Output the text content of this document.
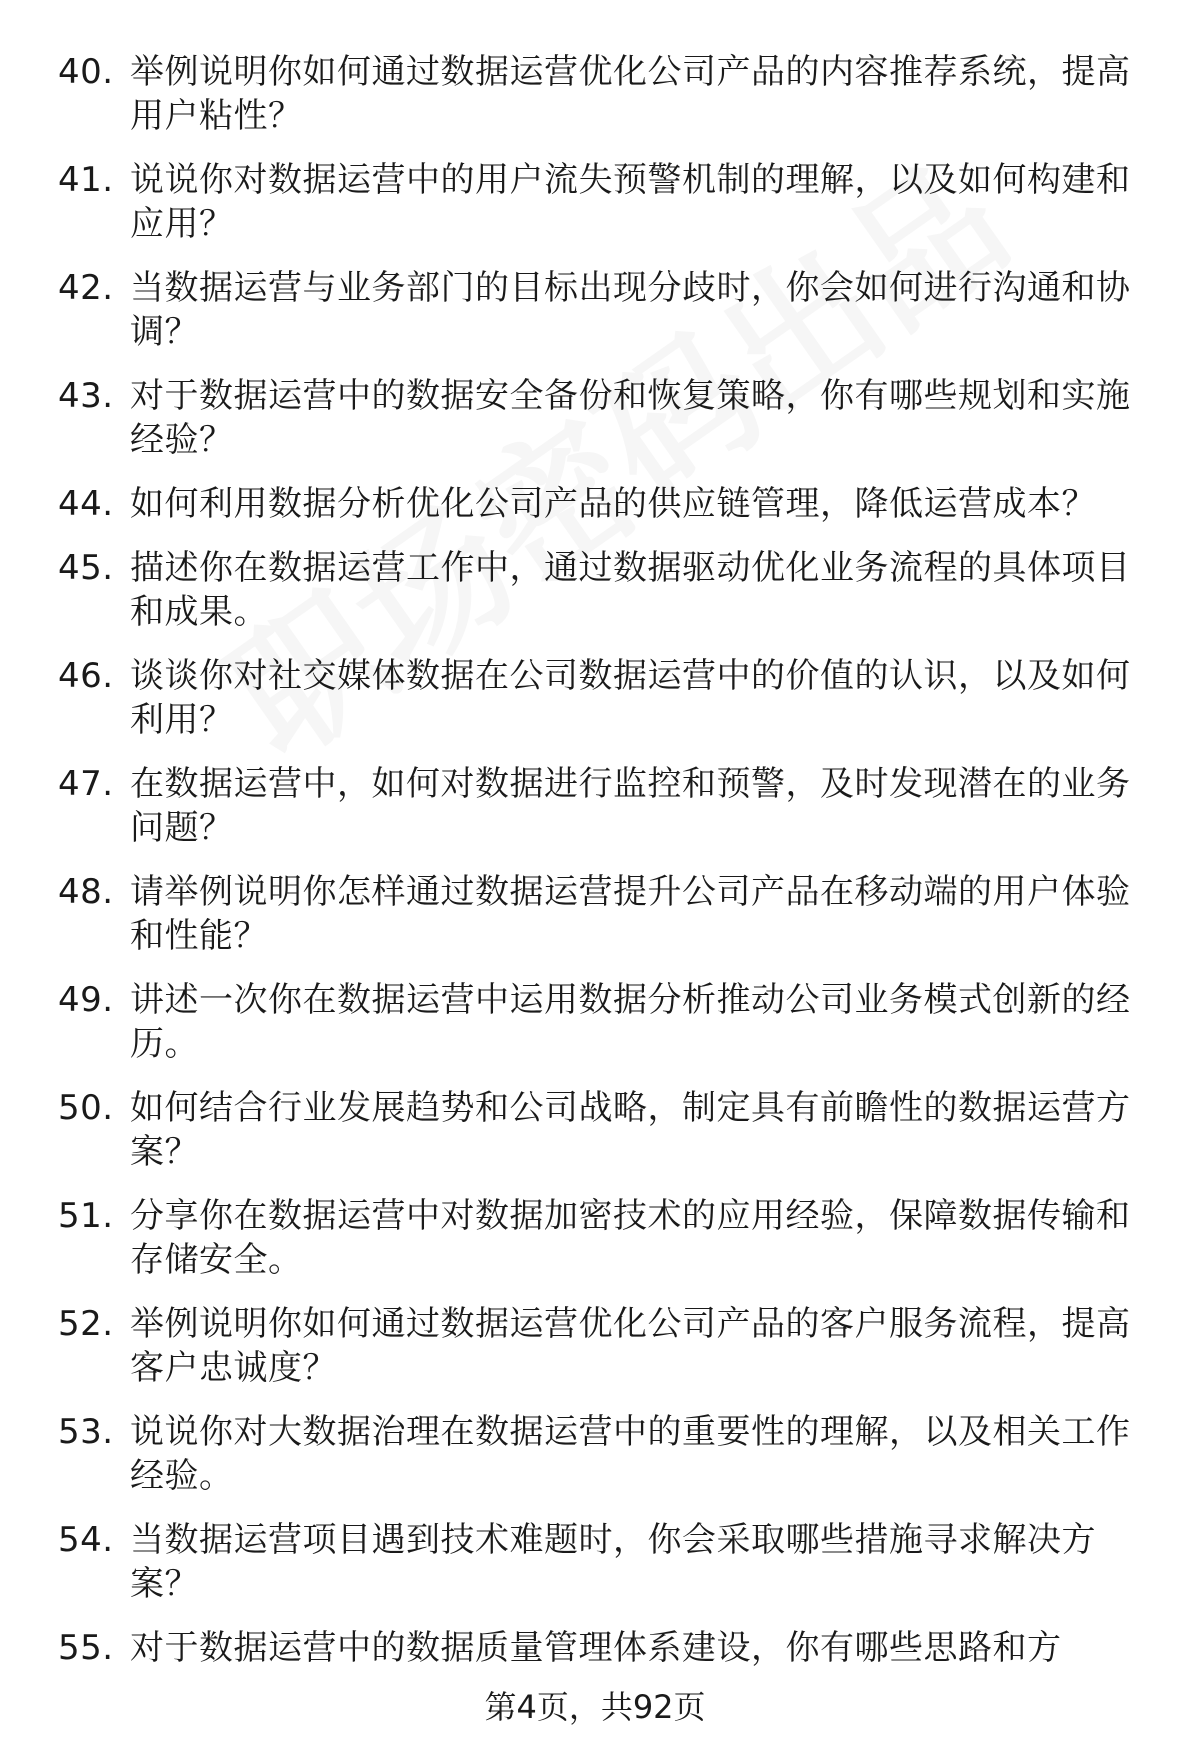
40. 举例说明你如何通过数据运营优化公司产品的内容推荐系统，提高用户粘性？
41. 说说你对数据运营中的用户流失预警机制的理解，以及如何构建和应用？
42. 当数据运营与业务部门的目标出现分歧时，你会如何进行沟通和协调？
43. 对于数据运营中的数据安全备份和恢复策略，你有哪些规划和实施经验？
44. 如何利用数据分析优化公司产品的供应链管理，降低运营成本？
45. 描述你在数据运营工作中，通过数据驱动优化业务流程的具体项目和成果。
46. 谈谈你对社交媒体数据在公司数据运营中的价值的认识，以及如何利用？
47. 在数据运营中，如何对数据进行监控和预警，及时发现潜在的业务问题？
48. 请举例说明你怎样通过数据运营提升公司产品在移动端的用户体验和性能？
49. 讲述一次你在数据运营中运用数据分析推动公司业务模式创新的经历。
50. 如何结合行业发展趋势和公司战略，制定具有前瞻性的数据运营方案？
51. 分享你在数据运营中对数据加密技术的应用经验，保障数据传输和存储安全。
52. 举例说明你如何通过数据运营优化公司产品的客户服务流程，提高客户忠诚度？
53. 说说你对大数据治理在数据运营中的重要性的理解，以及相关工作经验。
54. 当数据运营项目遇到技术难题时，你会采取哪些措施寻求解决方案？
55. 对于数据运营中的数据质量管理体系建设，你有哪些思路和方
第4页，共92页
